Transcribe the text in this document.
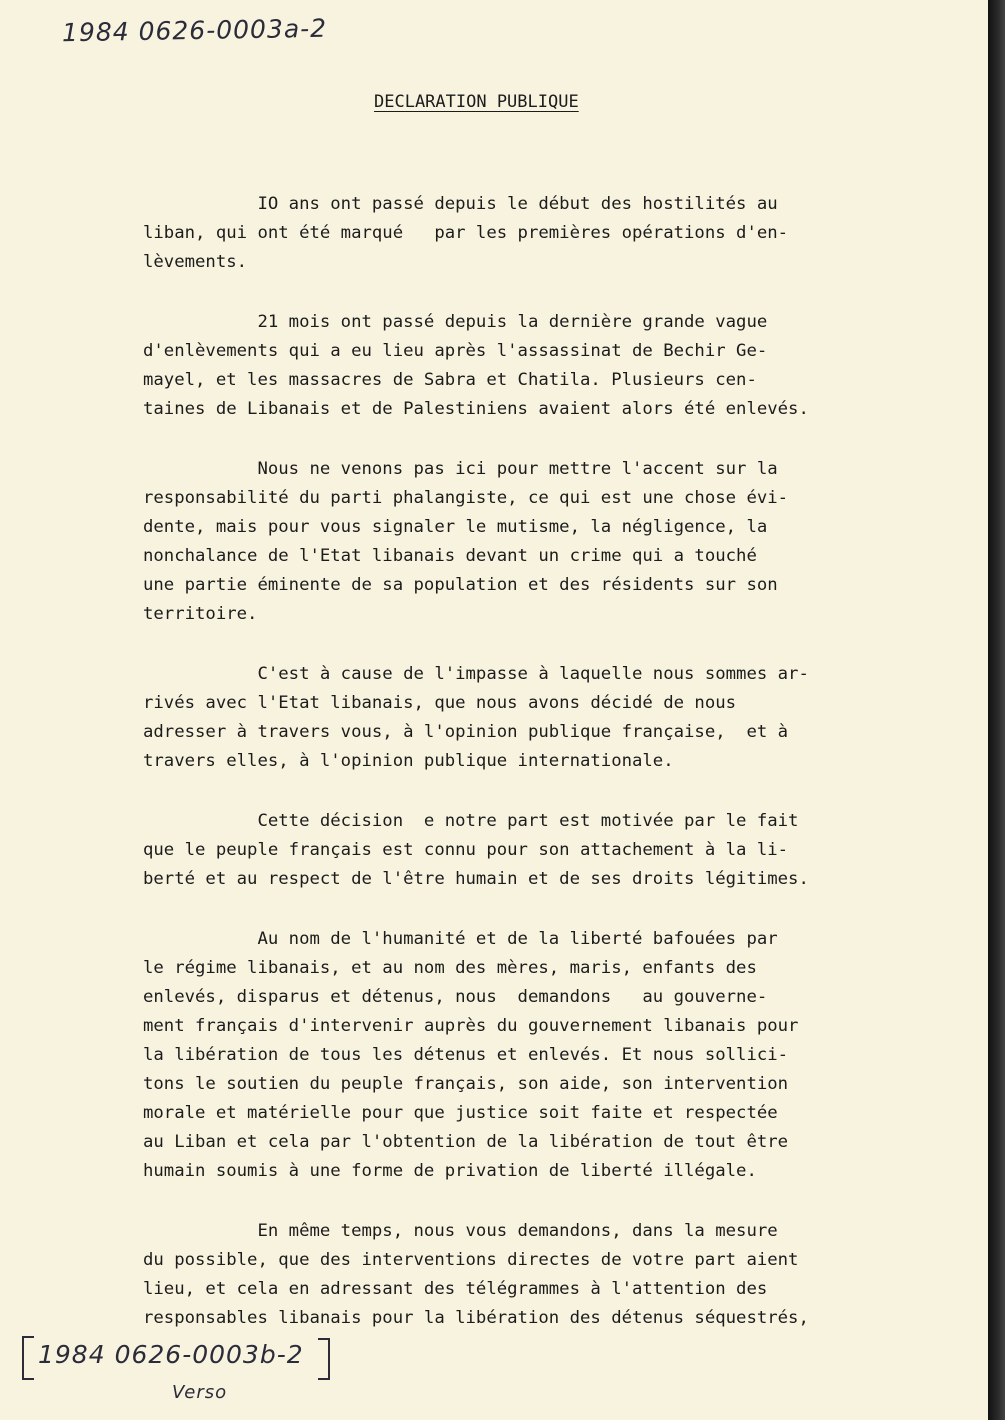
1984 0626-0003a-2
DECLARATION PUBLIQUE
IO ans ont passé depuis le début des hostilités au
liban, qui ont été marqué   par les premières opérations d'en-
lèvements.
21 mois ont passé depuis la dernière grande vague
d'enlèvements qui a eu lieu après l'assassinat de Bechir Ge-
mayel, et les massacres de Sabra et Chatila. Plusieurs cen-
taines de Libanais et de Palestiniens avaient alors été enlevés.
Nous ne venons pas ici pour mettre l'accent sur la
responsabilité du parti phalangiste, ce qui est une chose évi-
dente, mais pour vous signaler le mutisme, la négligence, la
nonchalance de l'Etat libanais devant un crime qui a touché
une partie éminente de sa population et des résidents sur son
territoire.
C'est à cause de l'impasse à laquelle nous sommes ar-
rivés avec l'Etat libanais, que nous avons décidé de nous
adresser à travers vous, à l'opinion publique française,  et à
travers elles, à l'opinion publique internationale.
Cette décision  e notre part est motivée par le fait
que le peuple français est connu pour son attachement à la li-
berté et au respect de l'être humain et de ses droits légitimes.
Au nom de l'humanité et de la liberté bafouées par
le régime libanais, et au nom des mères, maris, enfants des
enlevés, disparus et détenus, nous  demandons   au gouverne-
ment français d'intervenir auprès du gouvernement libanais pour
la libération de tous les détenus et enlevés. Et nous sollici-
tons le soutien du peuple français, son aide, son intervention
morale et matérielle pour que justice soit faite et respectée
au Liban et cela par l'obtention de la libération de tout être
humain soumis à une forme de privation de liberté illégale.
En même temps, nous vous demandons, dans la mesure
du possible, que des interventions directes de votre part aient
lieu, et cela en adressant des télégrammes à l'attention des
responsables libanais pour la libération des détenus séquestrés,
1984 0626-0003b-2
Verso
